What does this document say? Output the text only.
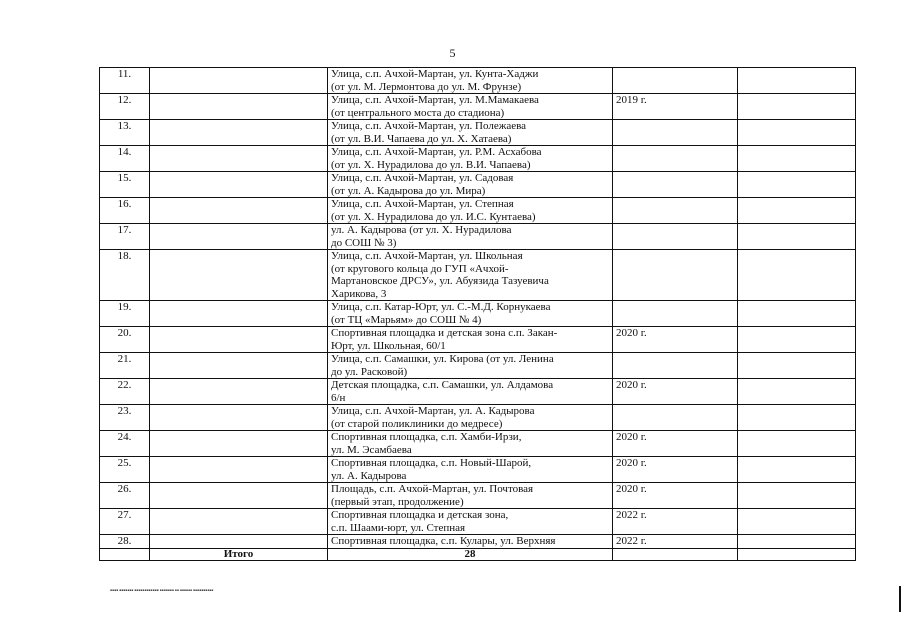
5
11.		Улица, с.п. Ачхой-Мартан, ул. Кунта-Хаджи
(от ул. М. Лермонтова до ул. М. Фрунзе)		
12.		Улица, с.п. Ачхой-Мартан, ул. М.Мамакаева
(от центрального моста до стадиона)	2019 г.	
13.		Улица, с.п. Ачхой-Мартан, ул. Полежаева
(от ул. В.И. Чапаева до ул. Х. Хатаева)		
14.		Улица, с.п. Ачхой-Мартан, ул. Р.М. Асхабова
(от ул. Х. Нурадилова до ул. В.И. Чапаева)		
15.		Улица, с.п. Ачхой-Мартан, ул. Садовая
(от ул. А. Кадырова до ул. Мира)		
16.		Улица, с.п. Ачхой-Мартан, ул. Степная
(от ул. Х. Нурадилова до ул. И.С. Кунтаева)		
17.		ул. А. Кадырова (от ул. Х. Нурадилова
до СОШ № 3)		
18.		Улица, с.п. Ачхой-Мартан, ул. Школьная
(от кругового кольца до ГУП «Ачхой-
Мартановское ДРСУ», ул. Абуязида Тазуевича
Харикова, 3		
19.		Улица, с.п. Катар-Юрт, ул. С.-М.Д. Корнукаева
(от ТЦ «Марьям» до СОШ № 4)		
20.		Спортивная площадка и детская зона с.п. Закан-
Юрт, ул. Школьная, 60/1	2020 г.	
21.		Улица, с.п. Самашки, ул. Кирова (от ул. Ленина
до ул. Расковой)		
22.		Детская площадка, с.п. Самашки, ул. Алдамова
6/н	2020 г.	
23.		Улица, с.п. Ачхой-Мартан, ул. А. Кадырова
(от старой поликлиники до медресе)		
24.		Спортивная площадка, с.п. Хамби-Ирзи,
ул. М. Эсамбаева	2020 г.	
25.		Спортивная площадка, с.п. Новый-Шарой,
ул. А. Кадырова	2020 г.	
26.		Площадь, с.п. Ачхой-Мартан, ул. Почтовая
(первый этап, продолжение)	2020 г.	
27.		Спортивная площадка и детская зона,
с.п. Шаами-юрт, ул. Степная	2022 г.	
28.		Спортивная площадка, с.п. Кулары, ул. Верхняя	2022 г.	
	Итого	28		
▪▪▪▪ ▪▪▪▪▪▪▪ ▪▪▪▪▪▪▪▪▪▪▪▪ ▪▪▪▪▪▪▪ ▪▪ ▪▪▪▪▪▪ ▪▪▪▪▪▪▪▪▪▪
